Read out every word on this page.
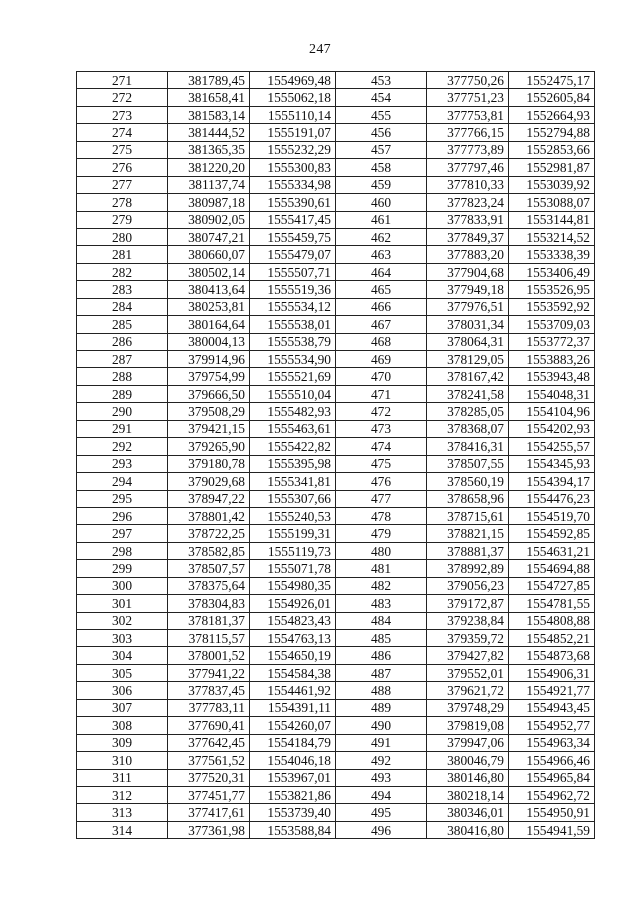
247
271	381789,45	1554969,48	453	377750,26	1552475,17
272	381658,41	1555062,18	454	377751,23	1552605,84
273	381583,14	1555110,14	455	377753,81	1552664,93
274	381444,52	1555191,07	456	377766,15	1552794,88
275	381365,35	1555232,29	457	377773,89	1552853,66
276	381220,20	1555300,83	458	377797,46	1552981,87
277	381137,74	1555334,98	459	377810,33	1553039,92
278	380987,18	1555390,61	460	377823,24	1553088,07
279	380902,05	1555417,45	461	377833,91	1553144,81
280	380747,21	1555459,75	462	377849,37	1553214,52
281	380660,07	1555479,07	463	377883,20	1553338,39
282	380502,14	1555507,71	464	377904,68	1553406,49
283	380413,64	1555519,36	465	377949,18	1553526,95
284	380253,81	1555534,12	466	377976,51	1553592,92
285	380164,64	1555538,01	467	378031,34	1553709,03
286	380004,13	1555538,79	468	378064,31	1553772,37
287	379914,96	1555534,90	469	378129,05	1553883,26
288	379754,99	1555521,69	470	378167,42	1553943,48
289	379666,50	1555510,04	471	378241,58	1554048,31
290	379508,29	1555482,93	472	378285,05	1554104,96
291	379421,15	1555463,61	473	378368,07	1554202,93
292	379265,90	1555422,82	474	378416,31	1554255,57
293	379180,78	1555395,98	475	378507,55	1554345,93
294	379029,68	1555341,81	476	378560,19	1554394,17
295	378947,22	1555307,66	477	378658,96	1554476,23
296	378801,42	1555240,53	478	378715,61	1554519,70
297	378722,25	1555199,31	479	378821,15	1554592,85
298	378582,85	1555119,73	480	378881,37	1554631,21
299	378507,57	1555071,78	481	378992,89	1554694,88
300	378375,64	1554980,35	482	379056,23	1554727,85
301	378304,83	1554926,01	483	379172,87	1554781,55
302	378181,37	1554823,43	484	379238,84	1554808,88
303	378115,57	1554763,13	485	379359,72	1554852,21
304	378001,52	1554650,19	486	379427,82	1554873,68
305	377941,22	1554584,38	487	379552,01	1554906,31
306	377837,45	1554461,92	488	379621,72	1554921,77
307	377783,11	1554391,11	489	379748,29	1554943,45
308	377690,41	1554260,07	490	379819,08	1554952,77
309	377642,45	1554184,79	491	379947,06	1554963,34
310	377561,52	1554046,18	492	380046,79	1554966,46
311	377520,31	1553967,01	493	380146,80	1554965,84
312	377451,77	1553821,86	494	380218,14	1554962,72
313	377417,61	1553739,40	495	380346,01	1554950,91
314	377361,98	1553588,84	496	380416,80	1554941,59
